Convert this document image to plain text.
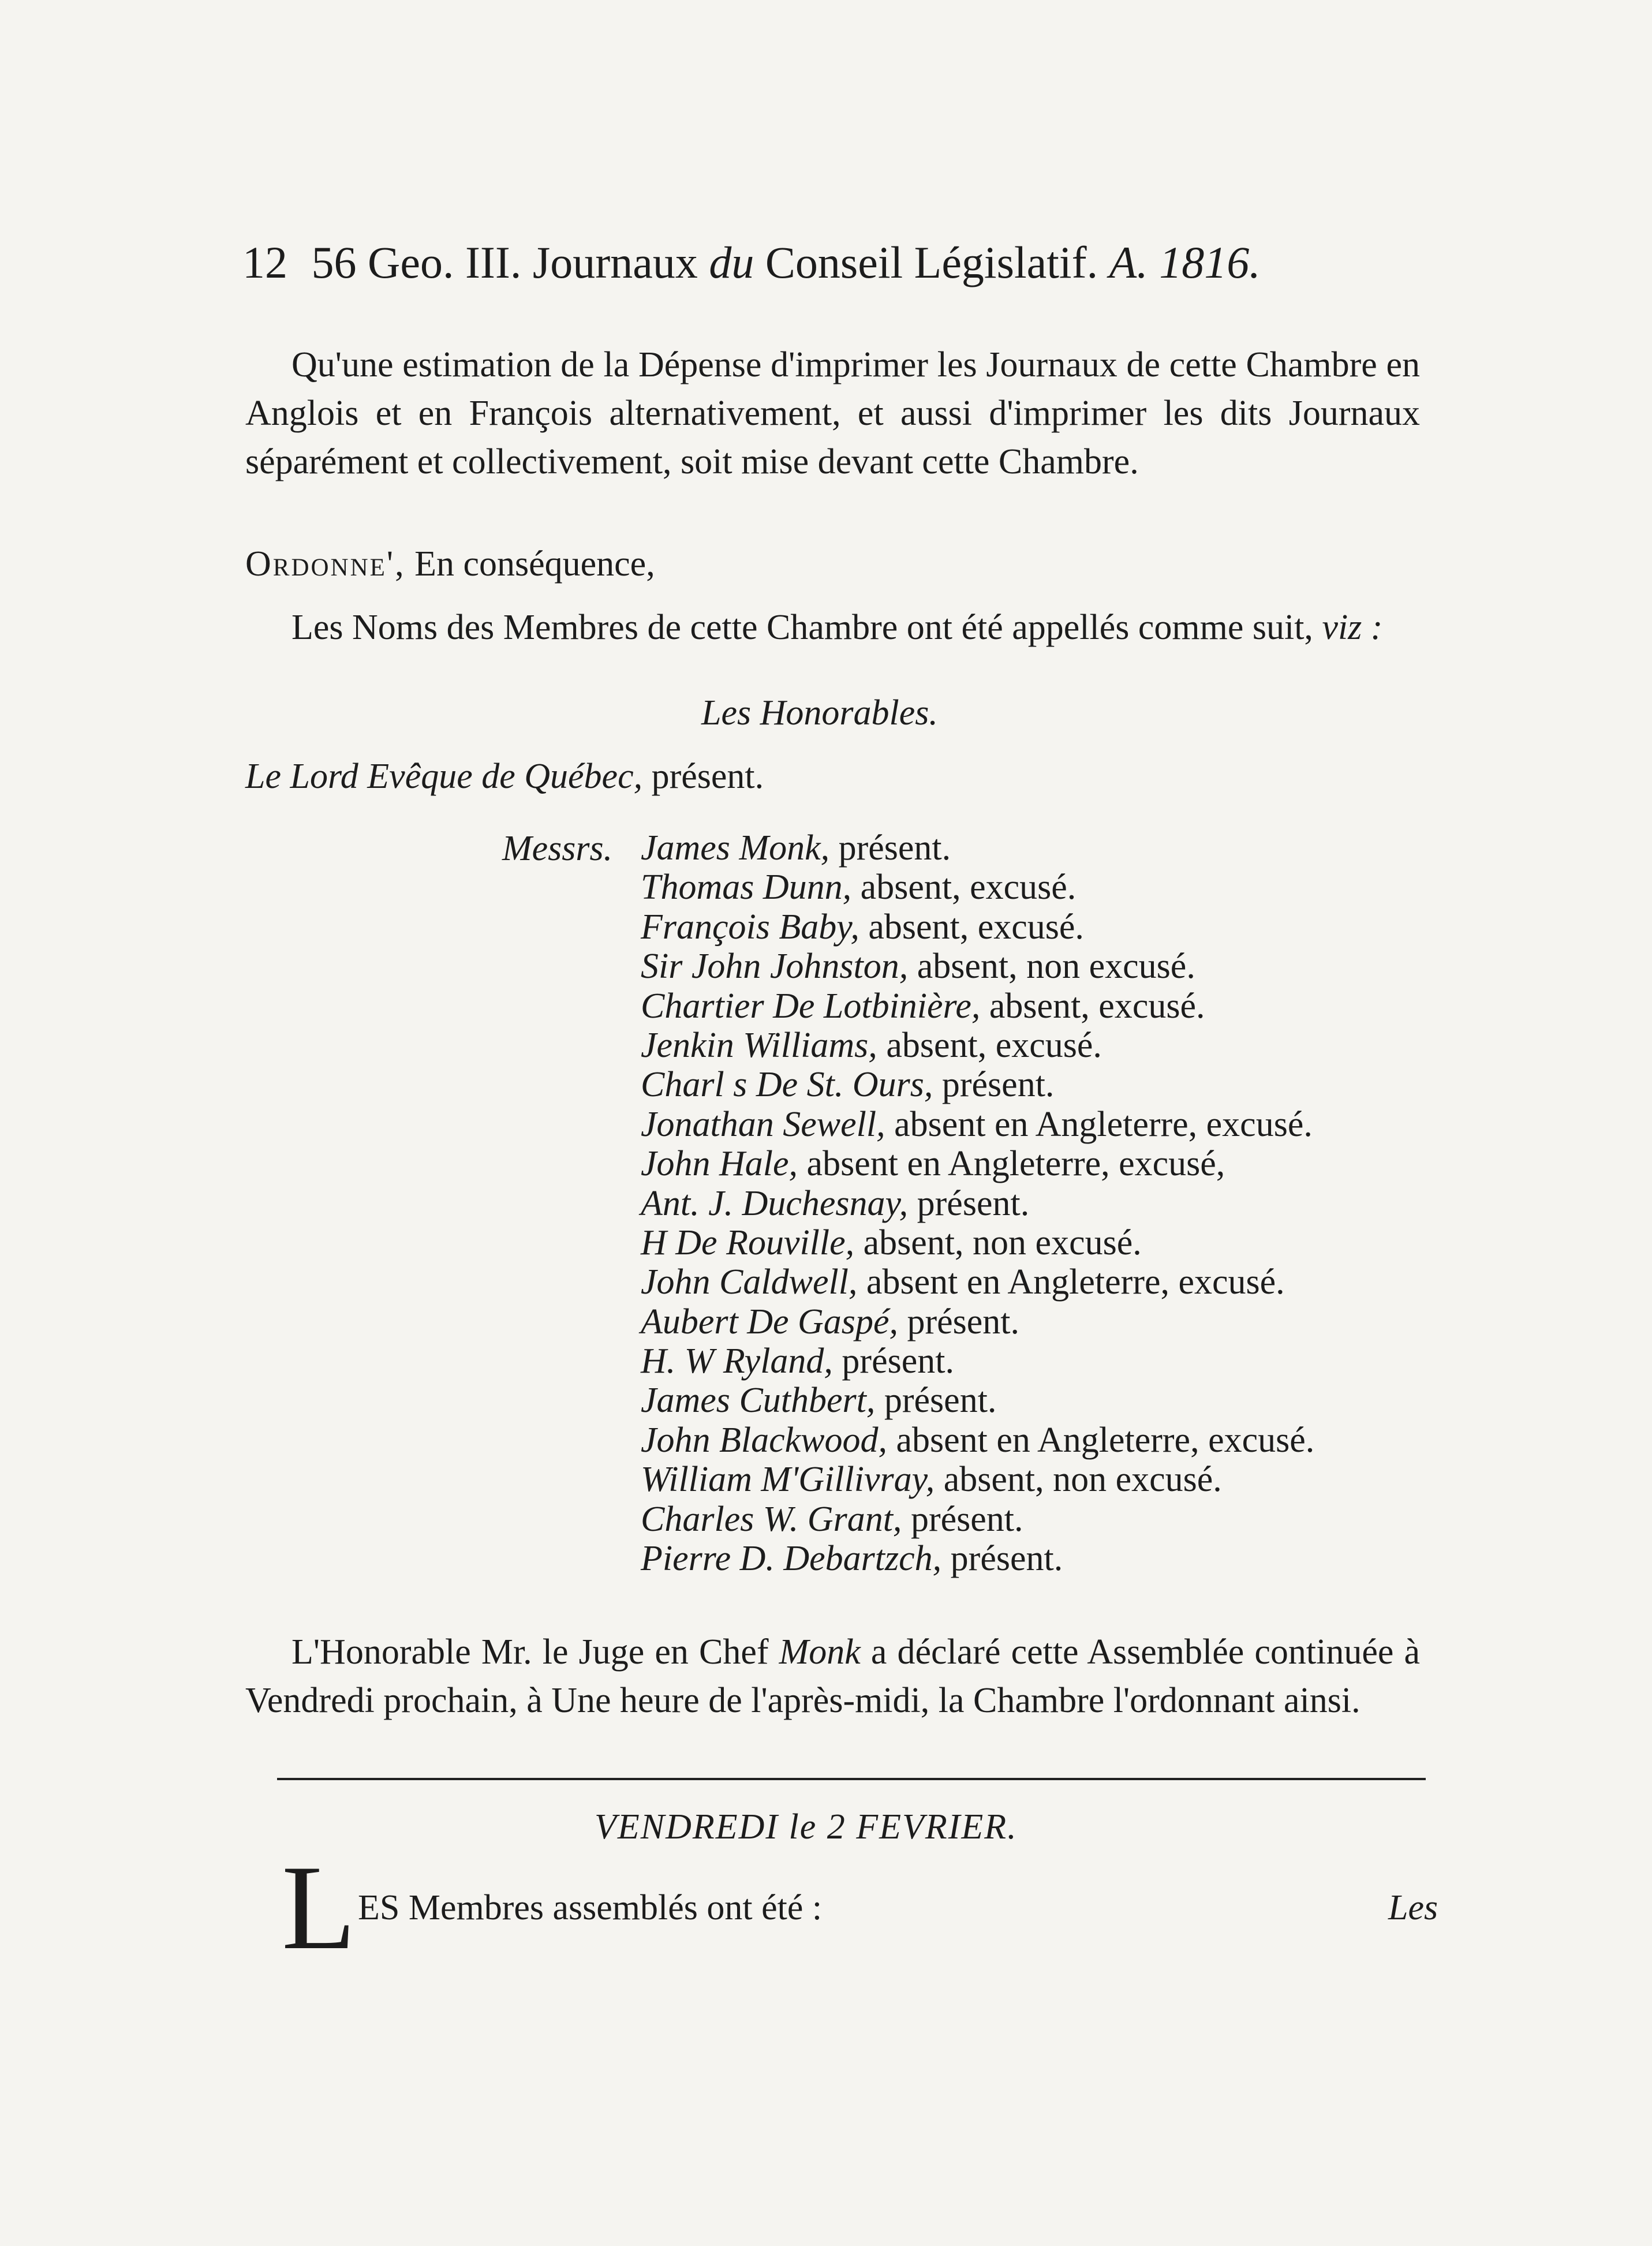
12 56 Geo. III. Journaux du Conseil Législatif. A. 1816.
Qu'une estimation de la Dépense d'imprimer les Journaux de cette Chambre en Anglois et en François alternativement, et aussi d'imprimer les dits Journaux séparément et collectivement, soit mise devant cette Chambre.
Ordonne', En conséquence,
Les Noms des Membres de cette Chambre ont été appellés comme suit, viz :
Les Honorables.
Le Lord Evêque de Québec, présent.
Messrs. James Monk, présent.
Thomas Dunn, absent, excusé.
François Baby, absent, excusé.
Sir John Johnston, absent, non excusé.
Chartier De Lotbinière, absent, excusé.
Jenkin Williams, absent, excusé.
Charl s De St. Ours, présent.
Jonathan Sewell, absent en Angleterre, excusé.
John Hale, absent en Angleterre, excusé,
Ant. J. Duchesnay, présent.
H De Rouville, absent, non excusé.
John Caldwell, absent en Angleterre, excusé.
Aubert De Gaspé, présent.
H. W Ryland, présent.
James Cuthbert, présent.
John Blackwood, absent en Angleterre, excusé.
William M'Gillivray, absent, non excusé.
Charles W. Grant, présent.
Pierre D. Debartzch, présent.
L'Honorable Mr. le Juge en Chef Monk a déclaré cette Assemblée continuée à Vendredi prochain, à Une heure de l'après-midi, la Chambre l'ordonnant ainsi.
VENDREDI le 2 FEVRIER.
L ES Membres assemblés ont été :	Les
